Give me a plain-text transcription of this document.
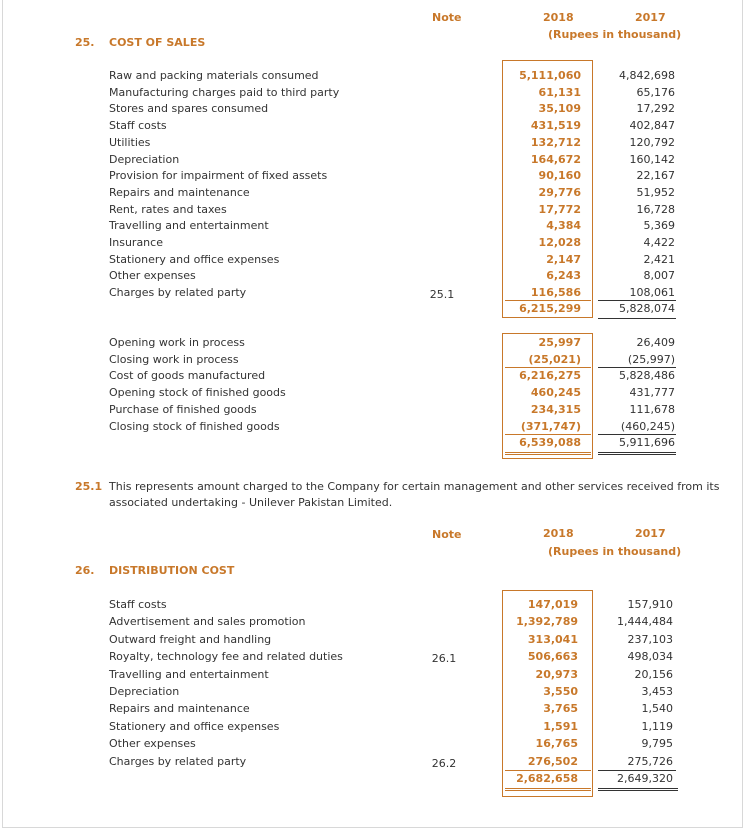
Note	2018	2017
(Rupees in thousand)
25. COST OF SALES
Raw and packing materials consumed	5,111,060	4,842,698
Manufacturing charges paid to third party	61,131	65,176
Stores and spares consumed	35,109	17,292
Staff costs	431,519	402,847
Utilities	132,712	120,792
Depreciation	164,672	160,142
Provision for impairment of fixed assets	90,160	22,167
Repairs and maintenance	29,776	51,952
Rent, rates and taxes	17,772	16,728
Travelling and entertainment	4,384	5,369
Insurance	12,028	4,422
Stationery and office expenses	2,147	2,421
Other expenses	6,243	8,007
Charges by related party	25.1	116,586	108,061
6,215,299	5,828,074
Opening work in process	25,997	26,409
Closing work in process	(25,021)	(25,997)
Cost of goods manufactured	6,216,275	5,828,486
Opening stock of finished goods	460,245	431,777
Purchase of finished goods	234,315	111,678
Closing stock of finished goods	(371,747)	(460,245)
6,539,088	5,911,696
25.1 This represents amount charged to the Company for certain management and other services received from its
associated undertaking - Unilever Pakistan Limited.
Note	2018	2017
(Rupees in thousand)
26. DISTRIBUTION COST
Staff costs	147,019	157,910
Advertisement and sales promotion	1,392,789	1,444,484
Outward freight and handling	313,041	237,103
Royalty, technology fee and related duties	26.1	506,663	498,034
Travelling and entertainment	20,973	20,156
Depreciation	3,550	3,453
Repairs and maintenance	3,765	1,540
Stationery and office expenses	1,591	1,119
Other expenses	16,765	9,795
Charges by related party	26.2	276,502	275,726
2,682,658	2,649,320
